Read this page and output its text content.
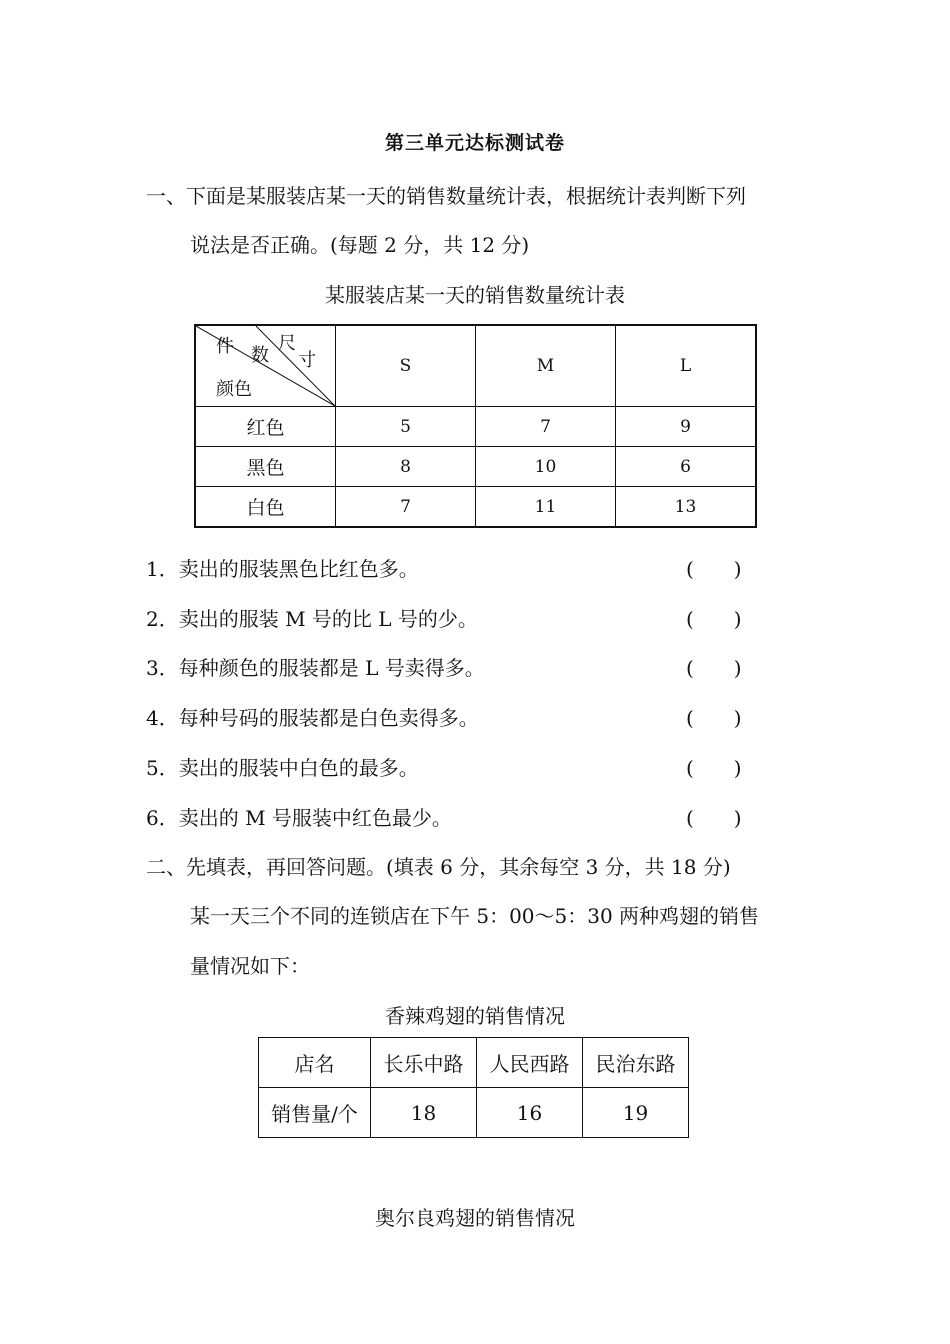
第三单元达标测试卷
一、下面是某服装店某一天的销售数量统计表，根据统计表判断下列
说法是否正确。(每题 2 分，共 12 分)
某服装店某一天的销售数量统计表
件 数
尺
寸
颜色	S	M	L
红色	5	7	9
黑色	8	10	6
白色	7	11	13
1．卖出的服装黑色比红色多。	(　　)
2．卖出的服装 M 号的比 L 号的少。	(　　)
3．每种颜色的服装都是 L 号卖得多。	(　　)
4．每种号码的服装都是白色卖得多。	(　　)
5．卖出的服装中白色的最多。	(　　)
6．卖出的 M 号服装中红色最少。	(　　)
二、先填表，再回答问题。(填表 6 分，其余每空 3 分，共 18 分)
某一天三个不同的连锁店在下午 5：00～5：30 两种鸡翅的销售
量情况如下：
香辣鸡翅的销售情况
店名	长乐中路	人民西路	民治东路
销售量/个	18	16	19
奥尔良鸡翅的销售情况
